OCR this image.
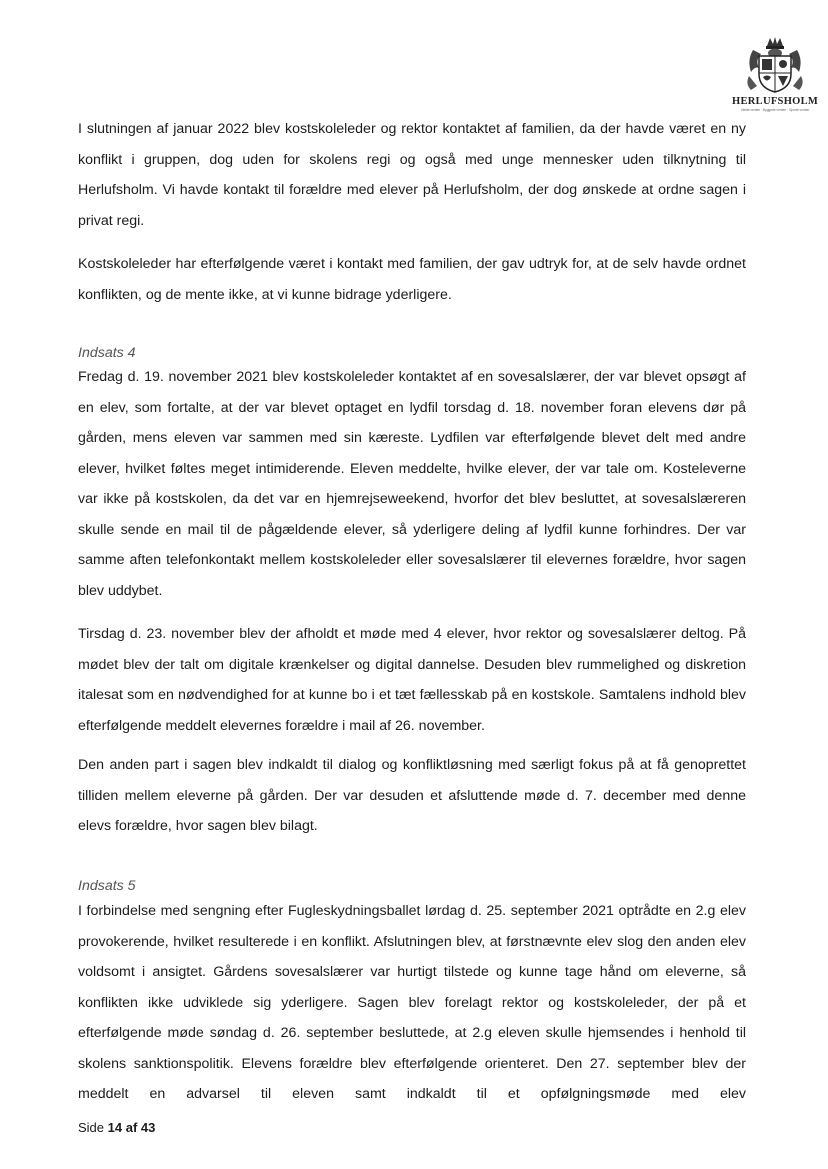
HERLUFSHOLM
Vidste verden · Byggede verden · Gjorde verden

I slutningen af januar 2022 blev kostskoleleder og rektor kontaktet af familien, da der havde været en ny konflikt i gruppen, dog uden for skolens regi og også med unge mennesker uden tilknytning til Herlufsholm. Vi havde kontakt til forældre med elever på Herlufsholm, der dog ønskede at ordne sagen i privat regi.

Kostskoleleder har efterfølgende været i kontakt med familien, der gav udtryk for, at de selv havde ordnet konflikten, og de mente ikke, at vi kunne bidrage yderligere.

Indsats 4

Fredag d. 19. november 2021 blev kostskoleleder kontaktet af en sovesalslærer, der var blevet opsøgt af en elev, som fortalte, at der var blevet optaget en lydfil torsdag d. 18. november foran elevens dør på gården, mens eleven var sammen med sin kæreste. Lydfilen var efterfølgende blevet delt med andre elever, hvilket føltes meget intimiderende. Eleven meddelte, hvilke elever, der var tale om. Kosteleverne var ikke på kostskolen, da det var en hjemrejseweekend, hvorfor det blev besluttet, at sovesalslæreren skulle sende en mail til de pågældende elever, så yderligere deling af lydfil kunne forhindres. Der var samme aften telefonkontakt mellem kostskoleleder eller sovesalslærer til elevernes forældre, hvor sagen blev uddybet.

Tirsdag d. 23. november blev der afholdt et møde med 4 elever, hvor rektor og sovesalslærer deltog. På mødet blev der talt om digitale krænkelser og digital dannelse. Desuden blev rummelighed og diskretion italesat som en nødvendighed for at kunne bo i et tæt fællesskab på en kostskole. Samtalens indhold blev efterfølgende meddelt elevernes forældre i mail af 26. november.

Den anden part i sagen blev indkaldt til dialog og konfliktløsning med særligt fokus på at få genoprettet tilliden mellem eleverne på gården. Der var desuden et afsluttende møde d. 7. december med denne elevs forældre, hvor sagen blev bilagt.

Indsats 5

I forbindelse med sengning efter Fugleskydningsballet lørdag d. 25. september 2021 optrådte en 2.g elev provokerende, hvilket resulterede i en konflikt. Afslutningen blev, at førstnævnte elev slog den anden elev voldsomt i ansigtet. Gårdens sovesalslærer var hurtigt tilstede og kunne tage hånd om eleverne, så konflikten ikke udviklede sig yderligere. Sagen blev forelagt rektor og kostskoleleder, der på et efterfølgende møde søndag d. 26. september besluttede, at 2.g eleven skulle hjemsendes i henhold til skolens sanktionspolitik. Elevens forældre blev efterfølgende orienteret. Den 27. september blev der meddelt en advarsel til eleven samt indkaldt til et opfølgningsmøde med elev

Side 14 af 43
